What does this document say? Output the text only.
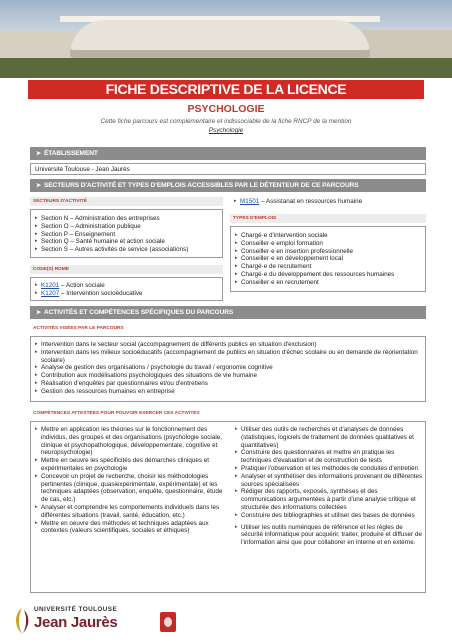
FICHE DESCRIPTIVE DE LA LICENCE
PSYCHOLOGIE
Cette fiche parcours est complémentaire et indissociable de la fiche RNCP de la mention
Psychologie
➤ ÉTABLISSEMENT
Université Toulouse - Jean Jaurès
➤ SECTEURS D'ACTIVITÉ ET TYPES D'EMPLOIS ACCESSIBLES PAR LE DÉTENTEUR DE CE PARCOURS
SECTEURS D'ACTIVITÉ
▸ Section N – Administration des entreprises
▸ Section O – Administration publique
▸ Section P – Enseignement
▸ Section Q – Santé humaine et action sociale
▸ Section S – Autres activités de service (associations)
▸ M1501 – Assistanat en ressources humaine
TYPES D'EMPLOIS
▸ Chargé·e d'intervention sociale
▸ Conseiller·e emploi formation
▸ Conseiller·e en insertion professionnelle
▸ Conseiller·e en développement local
▸ Chargé·e de recrutement
▸ Chargé·e du développement des ressources humaines
▸ Conseiller·e en recrutement
CODE(S) ROME
▸ K1201 – Action sociale
▸ K1207 – Intervention socioéducative
➤ ACTIVITÉS ET COMPÉTENCES SPÉCIFIQUES DU PARCOURS
ACTIVITÉS VISÉES PAR LE PARCOURS
▸ Intervention dans le secteur social (accompagnement de différents publics en situation d'exclusion)
▸ Intervention dans les milieux socioéducatifs (accompagnement de publics en situation d'échec scolaire ou en demande de réorientation scolaire)
▸ Analyse de gestion des organisations / psychologie du travail / ergonomie cognitive
▸ Contribution aux modélisations psychologiques des situations de vie humaine
▸ Réalisation d'enquêtes par questionnaires et/ou d'entretiens
▸ Gestion des ressources humaines en entreprise
COMPÉTENCES ATTESTÉES POUR POUVOIR EXERCER CES ACTIVITÉS
▸ Mettre en application les théories sur le fonctionnement des individus, des groupes et des organisations (psychologie sociale, clinique et psychopathologique, développementale, cognitive et neuropsychologie)
▸ Mettre en oeuvre les spécificités des démarches cliniques et expérimentales en psychologie
▸ Concevoir un projet de recherche, choisir les méthodologies pertinentes (clinique, quasiexpérimentale, expérimentale) et les techniques adaptées (observation, enquête, questionnaire, étude de cas, etc.)
▸ Analyser et comprendre les comportements individuels dans les différentes situations (travail, santé, éducation, etc.)
▸ Mettre en oeuvre des méthodes et techniques adaptées aux contextes (valeurs scientifiques, sociales et éthiques)
▸ Utiliser des outils de recherches et d'analyses de données (statistiques, logiciels de traitement de données qualitatives et quantitatives)
▸ Construire des questionnaires et mettre en pratique les techniques d'évaluation et de construction de tests
▸ Pratiquer l'observation et les méthodes de conduites d'entretien
▸ Analyser et synthétiser des informations provenant de différentes sources spécialisées
▸ Rédiger des rapports, exposés, synthèses et des communications argumentées à partir d'une analyse critique et structurée des informations collectées
▸ Construire des bibliographies et utiliser des bases de données
▸ Utiliser les outils numériques de référence et les règles de sécurité informatique pour acquérir, traiter, produire et diffuser de l'information ainsi que pour collaborer en interne et en externe.
UNIVERSITÉ TOULOUSE
Jean Jaurès
